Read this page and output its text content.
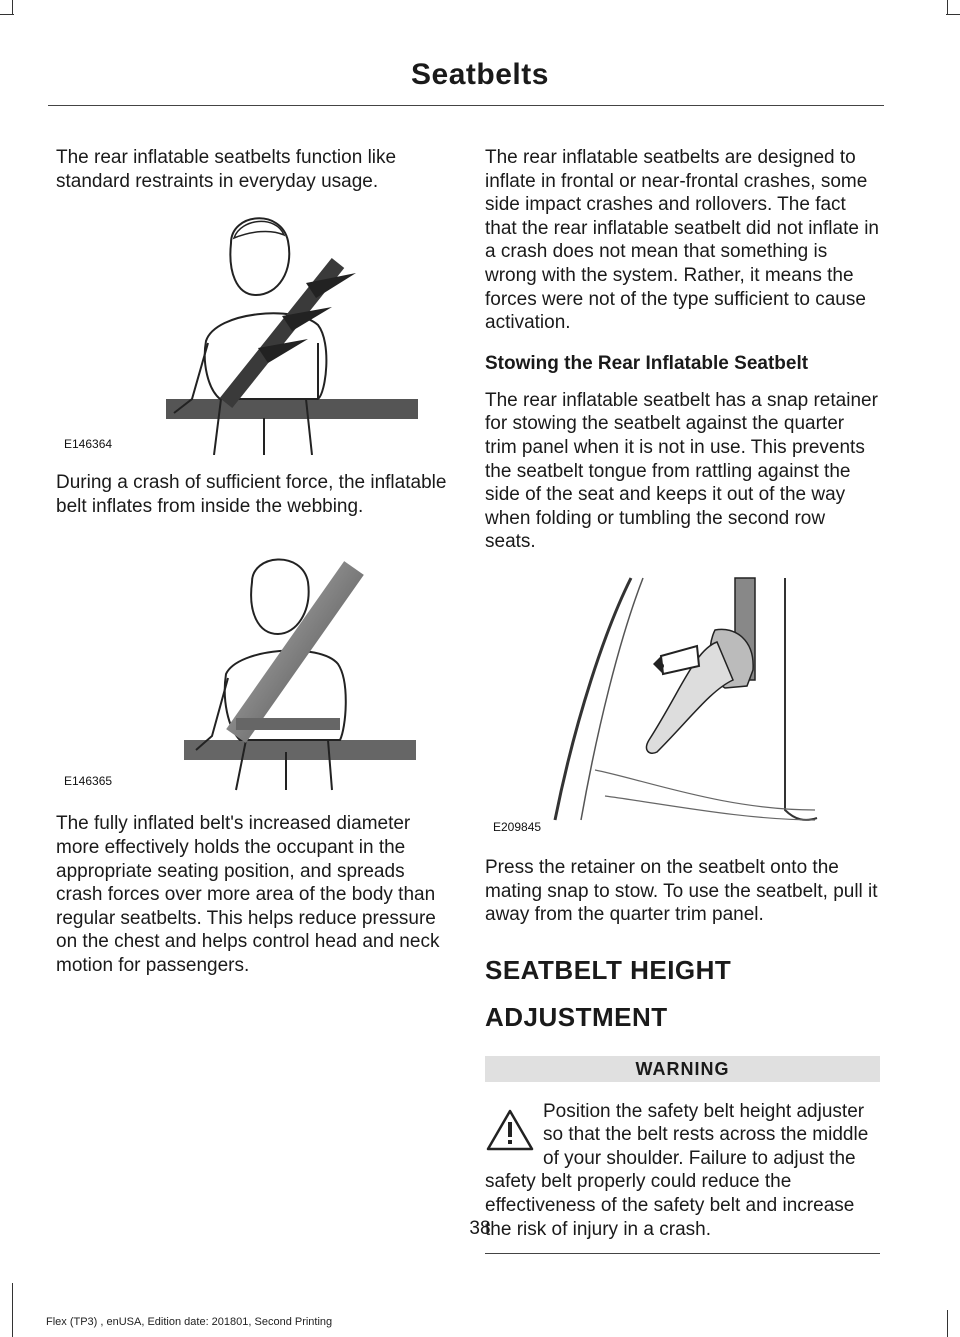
Seatbelts

The rear inflatable seatbelts function like standard restraints in everyday usage.

E146364

During a crash of sufficient force, the inflatable belt inflates from inside the webbing.

E146365

The fully inflated belt's increased diameter more effectively holds the occupant in the appropriate seating position, and spreads crash forces over more area of the body than regular seatbelts. This helps reduce pressure on the chest and helps control head and neck motion for passengers.

The rear inflatable seatbelts are designed to inflate in frontal or near-frontal crashes, some side impact crashes and rollovers. The fact that the rear inflatable seatbelt did not inflate in a crash does not mean that something is wrong with the system. Rather, it means the forces were not of the type sufficient to cause activation.

Stowing the Rear Inflatable Seatbelt

The rear inflatable seatbelt has a snap retainer for stowing the seatbelt against the quarter trim panel when it is not in use. This prevents the seatbelt tongue from rattling against the side of the seat and keeps it out of the way when folding or tumbling the second row seats.

E209845

Press the retainer on the seatbelt onto the mating snap to stow. To use the seatbelt, pull it away from the quarter trim panel.

SEATBELT HEIGHT
ADJUSTMENT
WARNING

Position the safety belt height adjuster so that the belt rests across the middle of your shoulder. Failure to adjust the safety belt properly could reduce the effectiveness of the safety belt and increase the risk of injury in a crash.

38
Flex (TP3) , enUSA, Edition date: 201801, Second Printing
